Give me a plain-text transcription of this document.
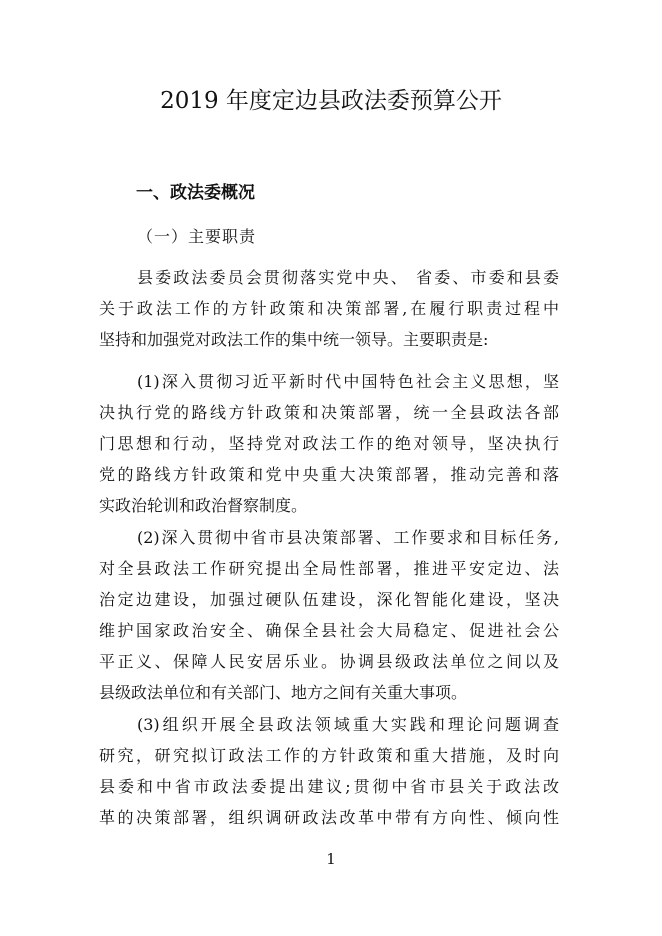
2019 年度定边县政法委预算公开
一、政法委概况
（一）主要职责
县委政法委员会贯彻落实党中央、 省委、市委和县委
关于政法工作的方针政策和决策部署,在履行职责过程中
坚持和加强党对政法工作的集中统一领导。主要职责是:
(1)深入贯彻习近平新时代中国特色社会主义思想，坚
决执行党的路线方针政策和决策部署，统一全县政法各部
门思想和行动，坚持党对政法工作的绝对领导，坚决执行
党的路线方针政策和党中央重大决策部署，推动完善和落
实政治轮训和政治督察制度。
(2)深入贯彻中省市县决策部署、工作要求和目标任务,
对全县政法工作研究提出全局性部署，推进平安定边、法
治定边建设，加强过硬队伍建设，深化智能化建设，坚决
维护国家政治安全、确保全县社会大局稳定、促进社会公
平正义、保障人民安居乐业。协调县级政法单位之间以及
县级政法单位和有关部门、地方之间有关重大事项。
(3)组织开展全县政法领域重大实践和理论问题调查
研究，研究拟订政法工作的方针政策和重大措施，及时向
县委和中省市政法委提出建议;贯彻中省市县关于政法改
革的决策部署，组织调研政法改革中带有方向性、倾向性
1
